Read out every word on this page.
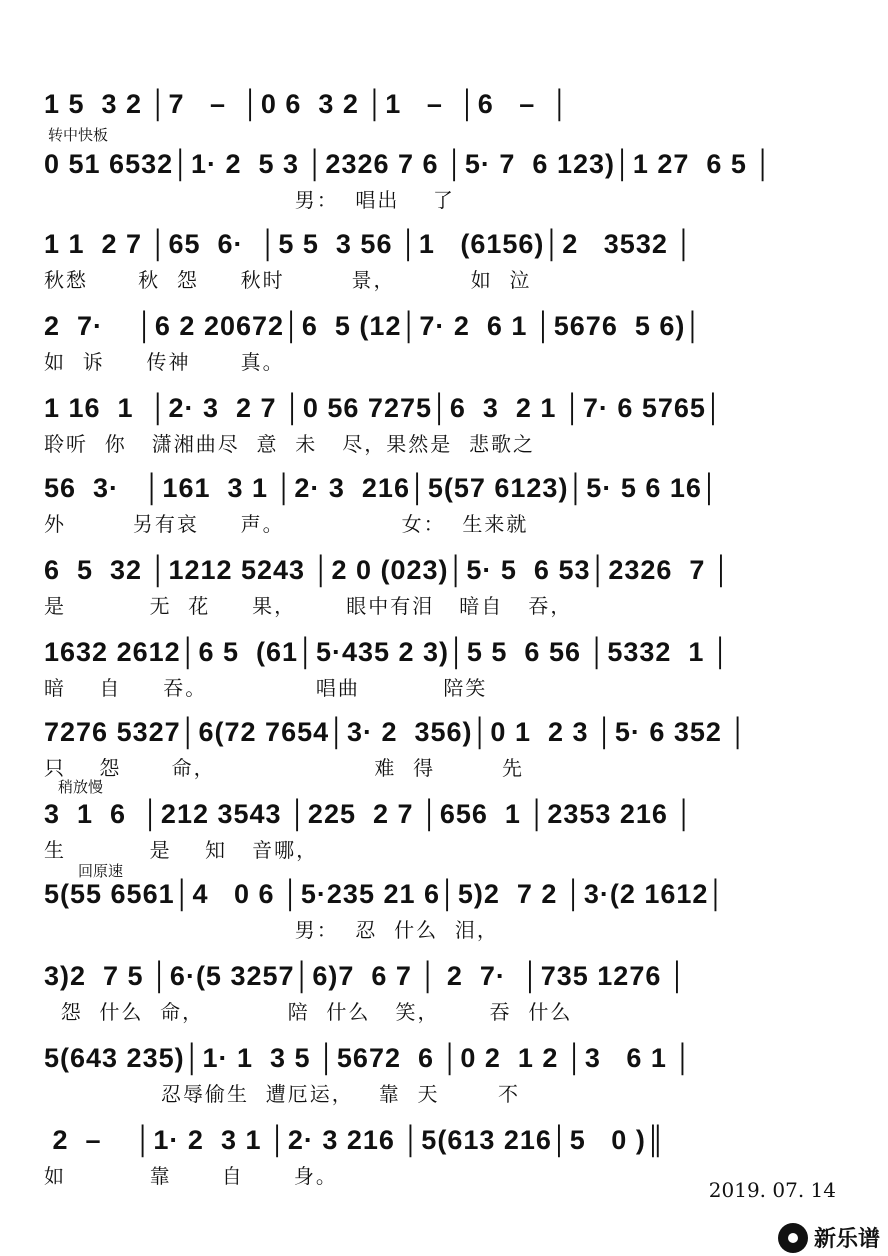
1 5  3 2 │7   –  │0 6  3 2 │1   –  │6   –  │
转中快板
0 51 6532│1· 2  5 3 │2326 7 6 │5· 7  6 123)│1 27  6 5 │
男：  唱出    了
1 1  2 7 │65  6·  │5 5  3 56 │1   (6156)│2   3532 │
秋愁      秋  怨     秋时        景，         如  泣
2  7·    │6 2 20672│6  5 (12│7· 2  6 1 │5676  5 6)│
如  诉     传神      真。
1 16  1  │2· 3  2 7 │0 56 7275│6  3  2 1 │7· 6 5765│
聆听  你   潇湘曲尽  意  未   尽，果然是  悲歌之
56  3·   │161  3 1 │2· 3  216│5(57 6123)│5· 5 6 16│
外        另有哀     声。              女：  生来就
6  5  32 │1212 5243 │2 0 (023)│5· 5  6 53│2326  7 │
是          无  花     果，      眼中有泪   暗自   吞，
1632 2612│6 5  (61│5·435 2 3)│5 5  6 56 │5332  1 │
暗    自     吞。             唱曲          陪笑
7276 5327│6(72 7654│3· 2  356)│0 1  2 3 │5· 6 352 │
只    怨      命，                   难  得        先
稍放慢
3  1  6  │212 3543 │225  2 7 │656  1 │2353 216 │
生          是    知   音哪，
回原速
5(55 6561│4   0 6 │5·235 21 6│5)2  7 2 │3·(2 1612│
男：  忍  什么  泪，
3)2  7 5 │6·(5 3257│6)7  6 7 │ 2  7·  │735 1276 │
怨  什么  命，          陪  什么   笑，      吞  什么
5(643 235)│1· 1  3 5 │5672  6 │0 2  1 2 │3   6 1 │
忍辱偷生  遭厄运，   靠  天       不
2  –    │1· 2  3 1 │2· 3 216 │5(613 216│5   0 )║
如          靠      自      身。
2019. 07. 14
新乐谱
